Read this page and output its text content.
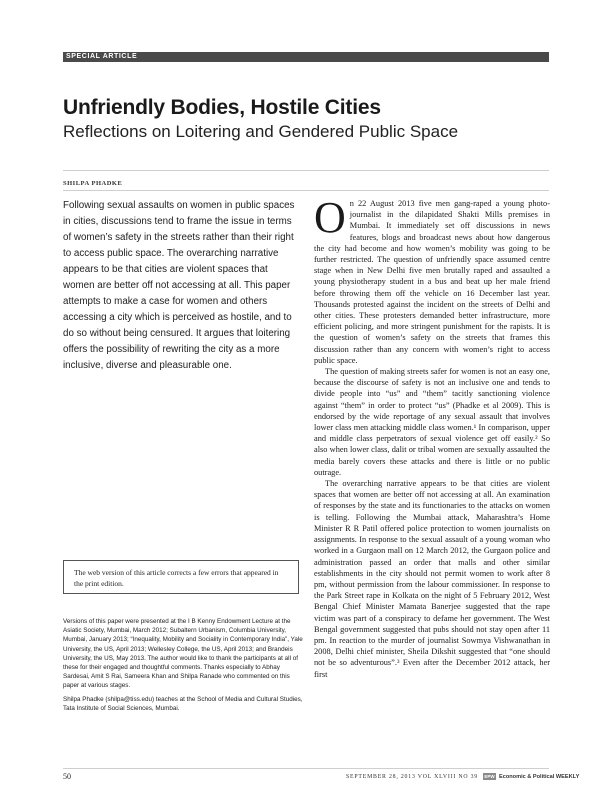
SPECIAL ARTICLE
Unfriendly Bodies, Hostile Cities
Reflections on Loitering and Gendered Public Space
SHILPA PHADKE

Following sexual assaults on women in public spaces in cities, discussions tend to frame the issue in terms of women’s safety in the streets rather than their right to access public space. The overarching narrative appears to be that cities are violent spaces that women are better off not accessing at all. This paper attempts to make a case for women and others accessing a city which is perceived as hostile, and to do so without being censured. It argues that loitering offers the possibility of rewriting the city as a more inclusive, diverse and pleasurable one.

The web version of this article corrects a few errors that appeared in the print edition.

Versions of this paper were presented at the I B Kenny Endowment Lecture at the Asiatic Society, Mumbai, March 2012; Subaltern Urbanism, Columbia University, Mumbai, January 2013; “Inequality, Mobility and Sociality in Contemporary India”, Yale University, the US, April 2013; Wellesley College, the US, April 2013; and Brandeis University, the US, May 2013. The author would like to thank the participants at all of these for their engaged and thoughtful comments. Thanks especially to Abhay Sardesai, Amit S Rai, Sameera Khan and Shilpa Ranade who commented on this paper at various stages.

Shilpa Phadke (shilpa@tiss.edu) teaches at the School of Media and Cultural Studies, Tata Institute of Social Sciences, Mumbai.

On 22 August 2013 five men gang-raped a young photo-journalist in the dilapidated Shakti Mills premises in Mumbai. It immediately set off discussions in news features, blogs and broadcast news about how dangerous the city had become and how women’s mobility was going to be further restricted. The question of unfriendly space assumed centre stage when in New Delhi five men brutally raped and assaulted a young physiotherapy student in a bus and beat up her male friend before throwing them off the vehicle on 16 December last year. Thousands protested against the incident on the streets of Delhi and other cities. These protesters demanded better infrastructure, more efficient policing, and more stringent punishment for the rapists. It is the question of women’s safety on the streets that frames this discussion rather than any concern with women’s right to access public space.

The question of making streets safer for women is not an easy one, because the discourse of safety is not an inclusive one and tends to divide people into “us” and “them” tacitly sanctioning violence against “them” in order to protect “us” (Phadke et al 2009). This is endorsed by the wide reportage of any sexual assault that involves lower class men attacking middle class women.¹ In comparison, upper and middle class perpetrators of sexual violence get off easily.² So also when lower class, dalit or tribal women are sexually assaulted the media barely covers these attacks and there is little or no public outrage.

The overarching narrative appears to be that cities are violent spaces that women are better off not accessing at all. An examination of responses by the state and its functionaries to the attacks on women is telling. Following the Mumbai attack, Maharashtra’s Home Minister R R Patil offered police protection to women journalists on assignments. In response to the sexual assault of a young woman who worked in a Gurgaon mall on 12 March 2012, the Gurgaon police and administration passed an order that malls and other similar establishments in the city should not permit women to work after 8 pm, without permission from the labour commissioner. In response to the Park Street rape in Kolkata on the night of 5 February 2012, West Bengal Chief Minister Mamata Banerjee suggested that the rape victim was part of a conspiracy to defame her government. The West Bengal government suggested that pubs should not stay open after 11 pm. In reaction to the murder of journalist Sowmya Vishwanathan in 2008, Delhi chief minister, Sheila Dikshit suggested that “one should not be so adventurous”.³ Even after the December 2012 attack, her first

50	SEPTEMBER 28, 2013 VOL XLVIII NO 39	EPW Economic & Political WEEKLY
